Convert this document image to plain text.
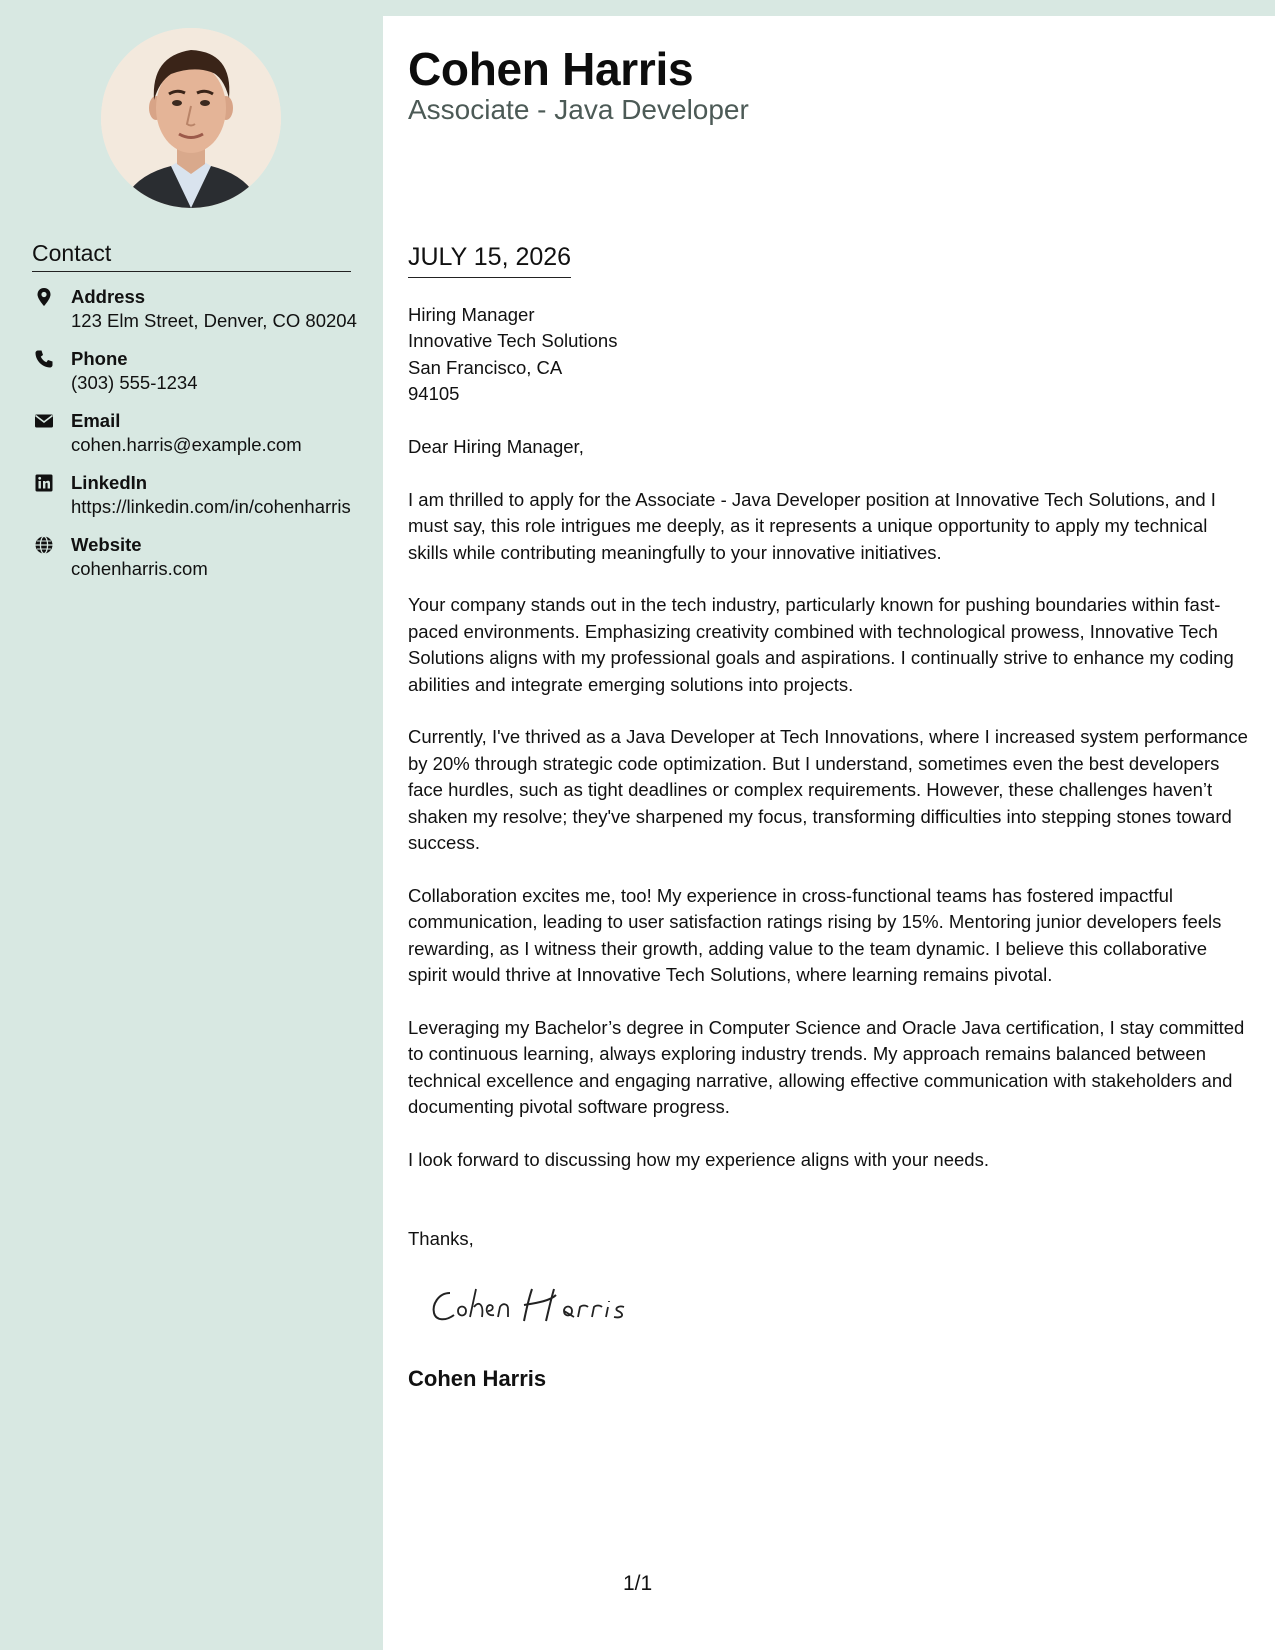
Contact
Address
123 Elm Street, Denver, CO 80204
Phone
(303) 555-1234
Email
cohen.harris@example.com
LinkedIn
https://linkedin.com/in/cohenharris
Website
cohenharris.com
Cohen Harris
Associate - Java Developer
JULY 15, 2026

Hiring Manager
Innovative Tech Solutions
San Francisco, CA
94105

Dear Hiring Manager,

I am thrilled to apply for the Associate - Java Developer position at Innovative Tech Solutions, and I must say, this role intrigues me deeply, as it represents a unique opportunity to apply my technical skills while contributing meaningfully to your innovative initiatives.

Your company stands out in the tech industry, particularly known for pushing boundaries within fast-paced environments. Emphasizing creativity combined with technological prowess, Innovative Tech Solutions aligns with my professional goals and aspirations. I continually strive to enhance my coding abilities and integrate emerging solutions into projects.

Currently, I've thrived as a Java Developer at Tech Innovations, where I increased system performance by 20% through strategic code optimization. But I understand, sometimes even the best developers face hurdles, such as tight deadlines or complex requirements. However, these challenges haven’t shaken my resolve; they've sharpened my focus, transforming difficulties into stepping stones toward success.

Collaboration excites me, too! My experience in cross-functional teams has fostered impactful communication, leading to user satisfaction ratings rising by 15%. Mentoring junior developers feels rewarding, as I witness their growth, adding value to the team dynamic. I believe this collaborative spirit would thrive at Innovative Tech Solutions, where learning remains pivotal.

Leveraging my Bachelor’s degree in Computer Science and Oracle Java certification, I stay committed to continuous learning, always exploring industry trends. My approach remains balanced between technical excellence and engaging narrative, allowing effective communication with stakeholders and documenting pivotal software progress.

I look forward to discussing how my experience aligns with your needs.

Thanks,
Cohen Harris
1/1
